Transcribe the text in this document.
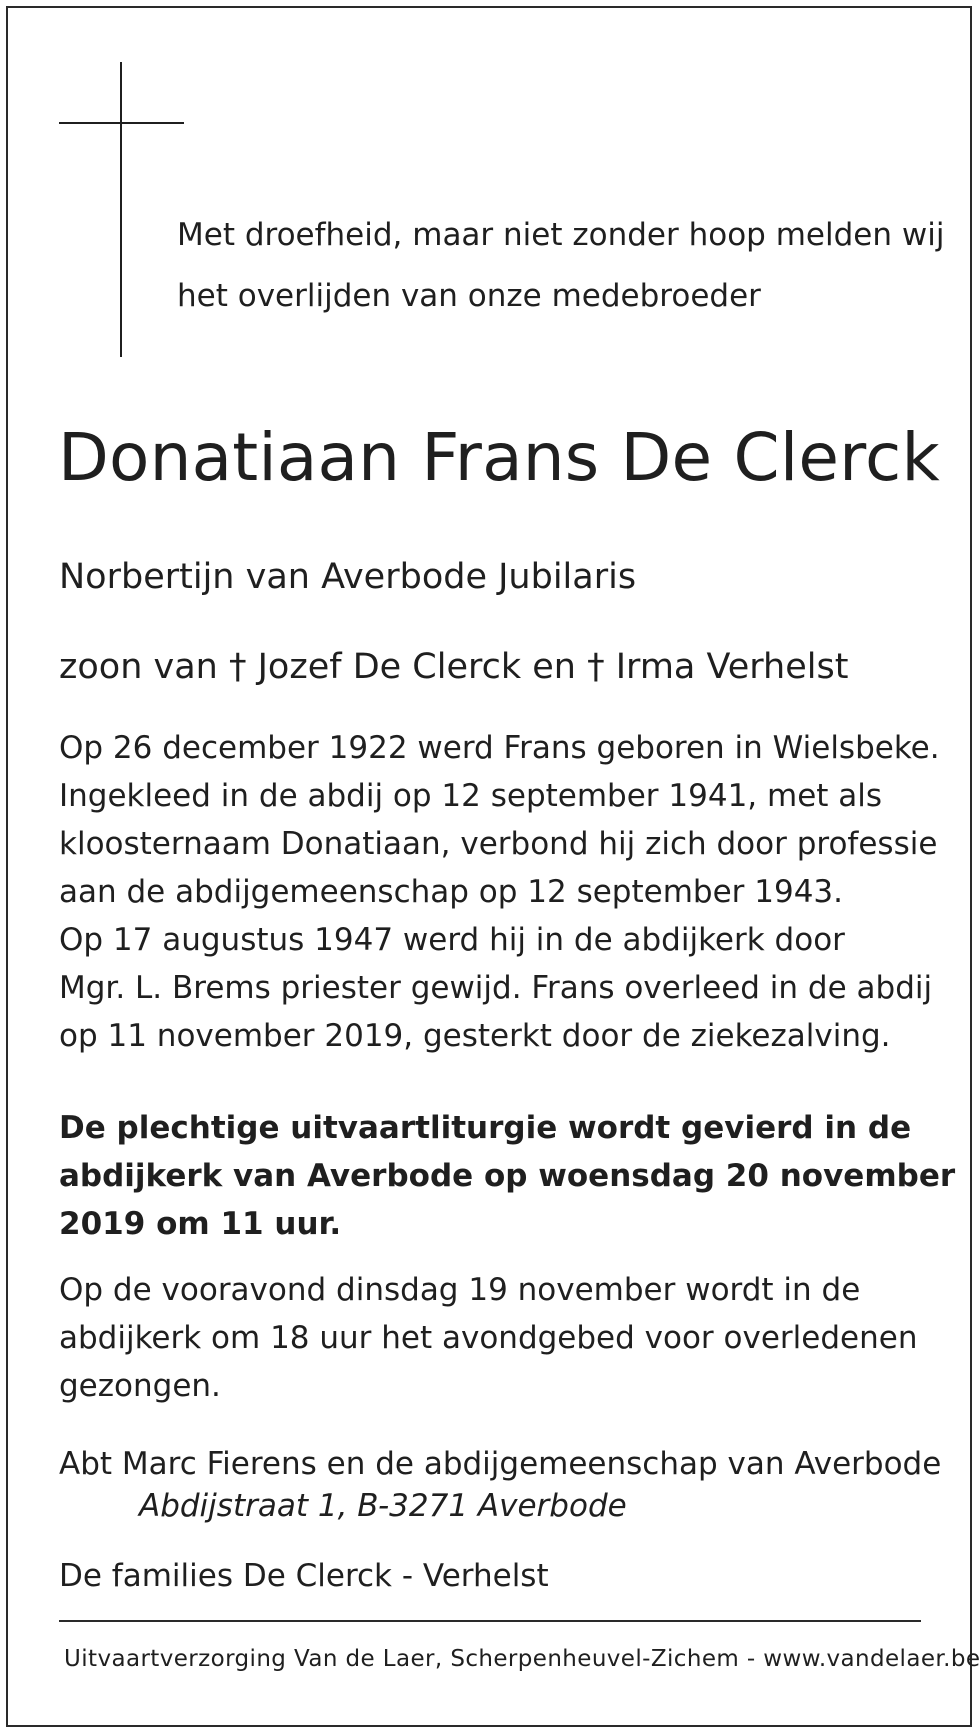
Met droefheid, maar niet zonder hoop melden wij
het overlijden van onze medebroeder
Donatiaan Frans De Clerck
Norbertijn van Averbode Jubilaris
zoon van † Jozef De Clerck en † Irma Verhelst
Op 26 december 1922 werd Frans geboren in Wielsbeke.
Ingekleed in de abdij op 12 september 1941, met als
kloosternaam Donatiaan, verbond hij zich door professie
aan de abdijgemeenschap op 12 september 1943.
Op 17 augustus 1947 werd hij in de abdijkerk door
Mgr. L. Brems priester gewijd. Frans overleed in de abdij
op 11 november 2019, gesterkt door de ziekezalving.
De plechtige uitvaartliturgie wordt gevierd in de
abdijkerk van Averbode op woensdag 20 november
2019 om 11 uur.
Op de vooravond dinsdag 19 november wordt in de
abdijkerk om 18 uur het avondgebed voor overledenen
gezongen.
Abt Marc Fierens en de abdijgemeenschap van Averbode
Abdijstraat 1, B-3271 Averbode
De families De Clerck - Verhelst
Uitvaartverzorging Van de Laer, Scherpenheuvel-Zichem - www.vandelaer.be
